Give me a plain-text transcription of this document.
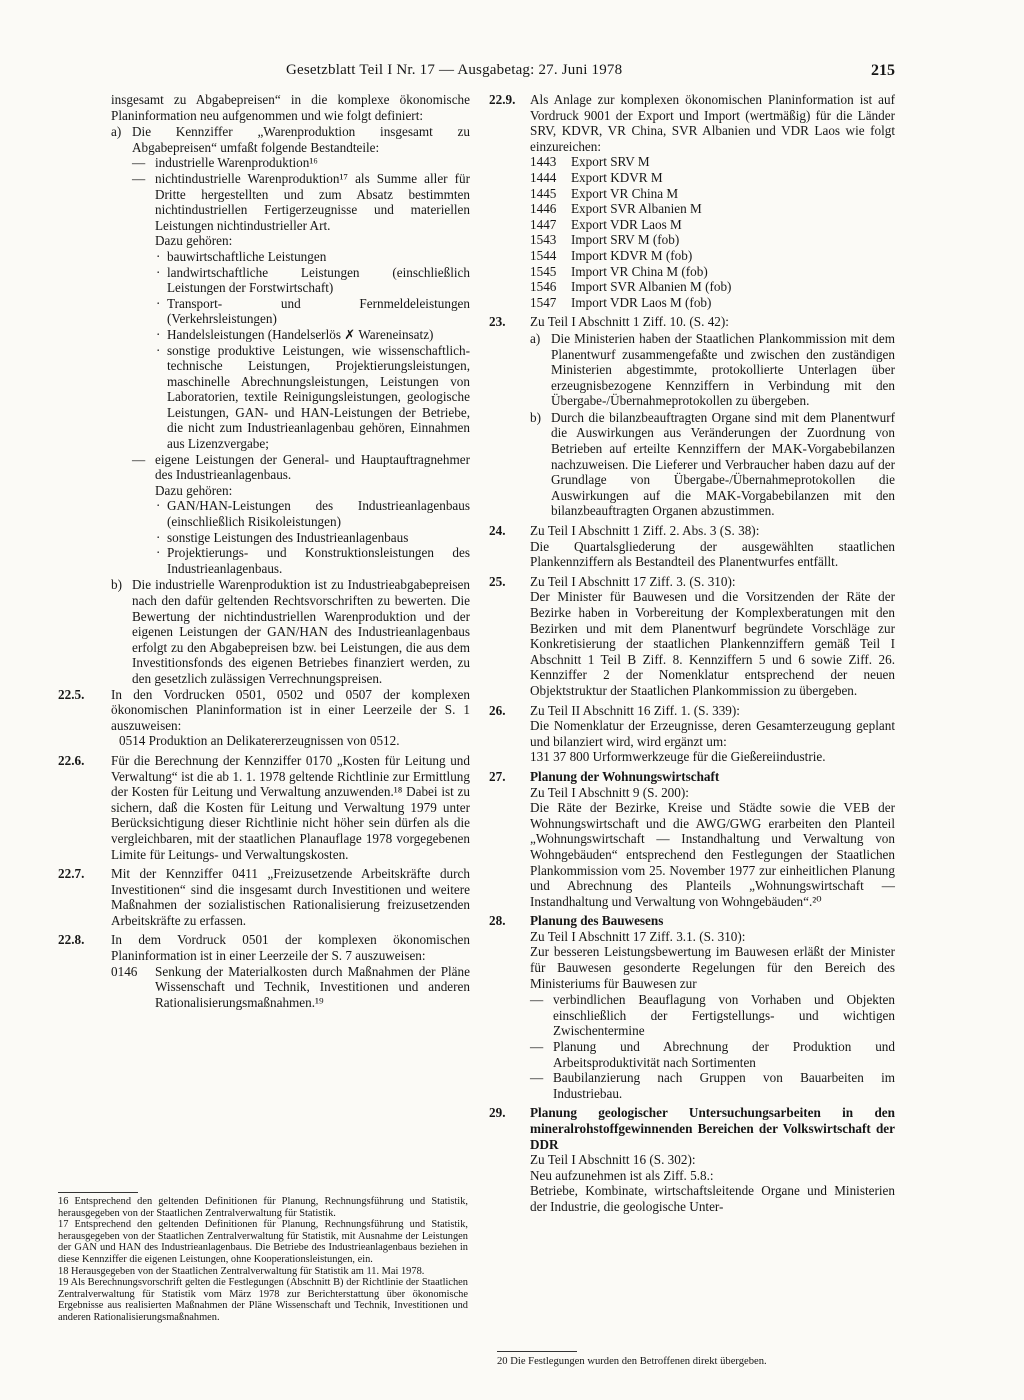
Gesetzblatt Teil I Nr. 17 — Ausgabetag: 27. Juni 1978	215

insgesamt zu Abgabepreisen“ in die komplexe ökonomische Planinformation neu aufgenommen und wie folgt definiert:

a) Die Kennziffer „Warenproduktion insgesamt zu Abgabepreisen“ umfaßt folgende Bestandteile:

— industrielle Warenproduktion¹⁶

— nichtindustrielle Warenproduktion¹⁷ als Summe aller für Dritte hergestellten und zum Absatz bestimmten nichtindustriellen Fertigerzeugnisse und materiellen Leistungen nichtindustrieller Art.

Dazu gehören:

· bauwirtschaftliche Leistungen

· landwirtschaftliche Leistungen (einschließlich Leistungen der Forstwirtschaft)

· Transport- und Fernmeldeleistungen (Verkehrsleistungen)

· Handelsleistungen (Handelserlös ✗ Wareneinsatz)

· sonstige produktive Leistungen, wie wissenschaftlich-technische Leistungen, Projektierungsleistungen, maschinelle Abrechnungsleistungen, Leistungen von Laboratorien, textile Reinigungsleistungen, geologische Leistungen, GAN- und HAN-Leistungen der Betriebe, die nicht zum Industrieanlagenbau gehören, Einnahmen aus Lizenzvergabe;

— eigene Leistungen der General- und Hauptauftragnehmer des Industrieanlagenbaus.

Dazu gehören:

· GAN/HAN-Leistungen des Industrieanlagenbaus (einschließlich Risikoleistungen)

· sonstige Leistungen des Industrieanlagenbaus

· Projektierungs- und Konstruktionsleistungen des Industrieanlagenbaus.

b) Die industrielle Warenproduktion ist zu Industrieabgabepreisen nach den dafür geltenden Rechtsvorschriften zu bewerten. Die Bewertung der nichtindustriellen Warenproduktion und der eigenen Leistungen der GAN/HAN des Industrieanlagenbaus erfolgt zu den Abgabepreisen bzw. bei Leistungen, die aus dem Investitionsfonds des eigenen Betriebes finanziert werden, zu den gesetzlich zulässigen Verrechnungspreisen.

22.5. In den Vordrucken 0501, 0502 und 0507 der komplexen ökonomischen Planinformation ist in einer Leerzeile der S. 1 auszuweisen:

0514 Produktion an Delikatererzeugnissen von 0512.

22.6. Für die Berechnung der Kennziffer 0170 „Kosten für Leitung und Verwaltung“ ist die ab 1. 1. 1978 geltende Richtlinie zur Ermittlung der Kosten für Leitung und Verwaltung anzuwenden.¹⁸ Dabei ist zu sichern, daß die Kosten für Leitung und Verwaltung 1979 unter Berücksichtigung dieser Richtlinie nicht höher sein dürfen als die vergleichbaren, mit der staatlichen Planauflage 1978 vorgegebenen Limite für Leitungs- und Verwaltungskosten.

22.7. Mit der Kennziffer 0411 „Freizusetzende Arbeitskräfte durch Investitionen“ sind die insgesamt durch Investitionen und weitere Maßnahmen der sozialistischen Rationalisierung freizusetzenden Arbeitskräfte zu erfassen.

22.8. In dem Vordruck 0501 der komplexen ökonomischen Planinformation ist in einer Leerzeile der S. 7 auszuweisen:

0146 Senkung der Materialkosten durch Maßnahmen der Pläne Wissenschaft und Technik, Investitionen und anderen Rationalisierungsmaßnahmen.¹⁹

16 Entsprechend den geltenden Definitionen für Planung, Rechnungsführung und Statistik, herausgegeben von der Staatlichen Zentralverwaltung für Statistik.

17 Entsprechend den geltenden Definitionen für Planung, Rechnungsführung und Statistik, herausgegeben von der Staatlichen Zentralverwaltung für Statistik, mit Ausnahme der Leistungen der GAN und HAN des Industrieanlagenbaus. Die Betriebe des Industrieanlagenbaus beziehen in diese Kennziffer die eigenen Leistungen, ohne Kooperationsleistungen, ein.

18 Herausgegeben von der Staatlichen Zentralverwaltung für Statistik am 11. Mai 1978.

19 Als Berechnungsvorschrift gelten die Festlegungen (Abschnitt B) der Richtlinie der Staatlichen Zentralverwaltung für Statistik vom März 1978 zur Berichterstattung über ökonomische Ergebnisse aus realisierten Maßnahmen der Pläne Wissenschaft und Technik, Investitionen und anderen Rationalisierungsmaßnahmen.

22.9. Als Anlage zur komplexen ökonomischen Planinformation ist auf Vordruck 9001 der Export und Import (wertmäßig) für die Länder SRV, KDVR, VR China, SVR Albanien und VDR Laos wie folgt einzureichen:

1443 Export SRV M
1444 Export KDVR M
1445 Export VR China M
1446 Export SVR Albanien M
1447 Export VDR Laos M
1543 Import SRV M (fob)
1544 Import KDVR M (fob)
1545 Import VR China M (fob)
1546 Import SVR Albanien M (fob)
1547 Import VDR Laos M (fob)
23. Zu Teil I Abschnitt 1 Ziff. 10. (S. 42):

a) Die Ministerien haben der Staatlichen Plankommission mit dem Planentwurf zusammengefaßte und zwischen den zuständigen Ministerien abgestimmte, protokollierte Unterlagen über erzeugnisbezogene Kennziffern in Verbindung mit den Übergabe-/Übernahmeprotokollen zu übergeben.

b) Durch die bilanzbeauftragten Organe sind mit dem Planentwurf die Auswirkungen aus Veränderungen der Zuordnung von Betrieben auf erteilte Kennziffern der MAK-Vorgabebilanzen nachzuweisen. Die Lieferer und Verbraucher haben dazu auf der Grundlage von Übergabe-/Übernahmeprotokollen die Auswirkungen auf die MAK-Vorgabebilanzen mit den bilanzbeauftragten Organen abzustimmen.

24. Zu Teil I Abschnitt 1 Ziff. 2. Abs. 3 (S. 38):

Die Quartalsgliederung der ausgewählten staatlichen Plankennziffern als Bestandteil des Planentwurfes entfällt.

25. Zu Teil I Abschnitt 17 Ziff. 3. (S. 310):

Der Minister für Bauwesen und die Vorsitzenden der Räte der Bezirke haben in Vorbereitung der Komplexberatungen mit den Bezirken und mit dem Planentwurf begründete Vorschläge zur Konkretisierung der staatlichen Plankennziffern gemäß Teil I Abschnitt 1 Teil B Ziff. 8. Kennziffern 5 und 6 sowie Ziff. 26. Kennziffer 2 der Nomenklatur entsprechend der neuen Objektstruktur der Staatlichen Plankommission zu übergeben.

26. Zu Teil II Abschnitt 16 Ziff. 1. (S. 339):

Die Nomenklatur der Erzeugnisse, deren Gesamterzeugung geplant und bilanziert wird, wird ergänzt um:

131 37 800 Urformwerkzeuge für die Gießereiindustrie.

27. Planung der Wohnungswirtschaft

Zu Teil I Abschnitt 9 (S. 200):

Die Räte der Bezirke, Kreise und Städte sowie die VEB der Wohnungswirtschaft und die AWG/GWG erarbeiten den Planteil „Wohnungswirtschaft — Instandhaltung und Verwaltung von Wohngebäuden“ entsprechend den Festlegungen der Staatlichen Plankommission vom 25. November 1977 zur einheitlichen Planung und Abrechnung des Planteils „Wohnungswirtschaft — Instandhaltung und Verwaltung von Wohngebäuden“.²⁰

28. Planung des Bauwesens

Zu Teil I Abschnitt 17 Ziff. 3.1. (S. 310):

Zur besseren Leistungsbewertung im Bauwesen erläßt der Minister für Bauwesen gesonderte Regelungen für den Bereich des Ministeriums für Bauwesen zur

— verbindlichen Beauflagung von Vorhaben und Objekten einschließlich der Fertigstellungs- und wichtigen Zwischentermine

— Planung und Abrechnung der Produktion und Arbeitsproduktivität nach Sortimenten

— Baubilanzierung nach Gruppen von Bauarbeiten im Industriebau.

29. Planung geologischer Untersuchungsarbeiten in den mineralrohstoffgewinnenden Bereichen der Volkswirtschaft der DDR

Zu Teil I Abschnitt 16 (S. 302):

Neu aufzunehmen ist als Ziff. 5.8.:

Betriebe, Kombinate, wirtschaftsleitende Organe und Ministerien der Industrie, die geologische Unter-

20 Die Festlegungen wurden den Betroffenen direkt übergeben.
